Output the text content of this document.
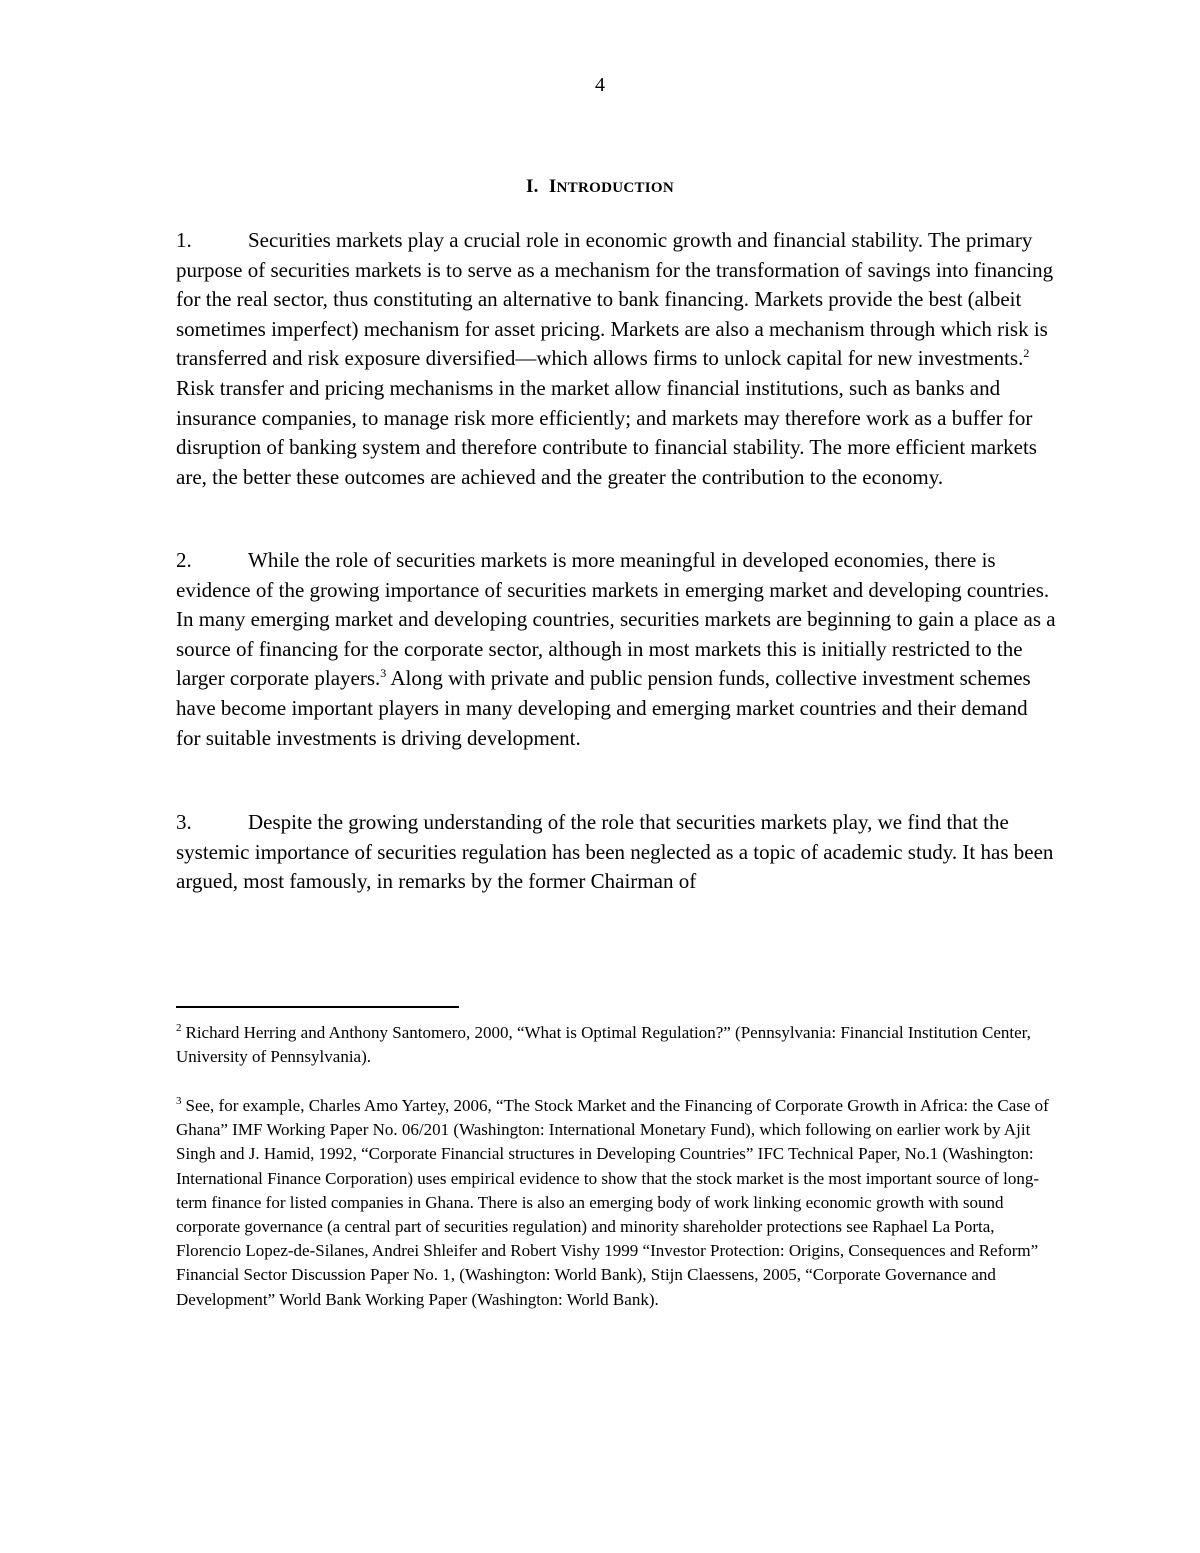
4
I. INTRODUCTION

1.	Securities markets play a crucial role in economic growth and financial stability. The primary purpose of securities markets is to serve as a mechanism for the transformation of savings into financing for the real sector, thus constituting an alternative to bank financing. Markets provide the best (albeit sometimes imperfect) mechanism for asset pricing. Markets are also a mechanism through which risk is transferred and risk exposure diversified—which allows firms to unlock capital for new investments.$^2$ Risk transfer and pricing mechanisms in the market allow financial institutions, such as banks and insurance companies, to manage risk more efficiently; and markets may therefore work as a buffer for disruption of banking system and therefore contribute to financial stability. The more efficient markets are, the better these outcomes are achieved and the greater the contribution to the economy.

2.	While the role of securities markets is more meaningful in developed economies, there is evidence of the growing importance of securities markets in emerging market and developing countries. In many emerging market and developing countries, securities markets are beginning to gain a place as a source of financing for the corporate sector, although in most markets this is initially restricted to the larger corporate players.$^3$ Along with private and public pension funds, collective investment schemes have become important players in many developing and emerging market countries and their demand for suitable investments is driving development.

3.	Despite the growing understanding of the role that securities markets play, we find that the systemic importance of securities regulation has been neglected as a topic of academic study. It has been argued, most famously, in remarks by the former Chairman of

$^2$ Richard Herring and Anthony Santomero, 2000, “What is Optimal Regulation?” (Pennsylvania: Financial Institution Center, University of Pennsylvania).

$^3$ See, for example, Charles Amo Yartey, 2006, “The Stock Market and the Financing of Corporate Growth in Africa: the Case of Ghana” IMF Working Paper No. 06/201 (Washington: International Monetary Fund), which following on earlier work by Ajit Singh and J. Hamid, 1992, “Corporate Financial structures in Developing Countries” IFC Technical Paper, No.1 (Washington: International Finance Corporation) uses empirical evidence to show that the stock market is the most important source of long-term finance for listed companies in Ghana. There is also an emerging body of work linking economic growth with sound corporate governance (a central part of securities regulation) and minority shareholder protections see Raphael La Porta, Florencio Lopez-de-Silanes, Andrei Shleifer and Robert Vishy 1999 “Investor Protection: Origins, Consequences and Reform” Financial Sector Discussion Paper No. 1, (Washington: World Bank), Stijn Claessens, 2005, “Corporate Governance and Development” World Bank Working Paper (Washington: World Bank).
